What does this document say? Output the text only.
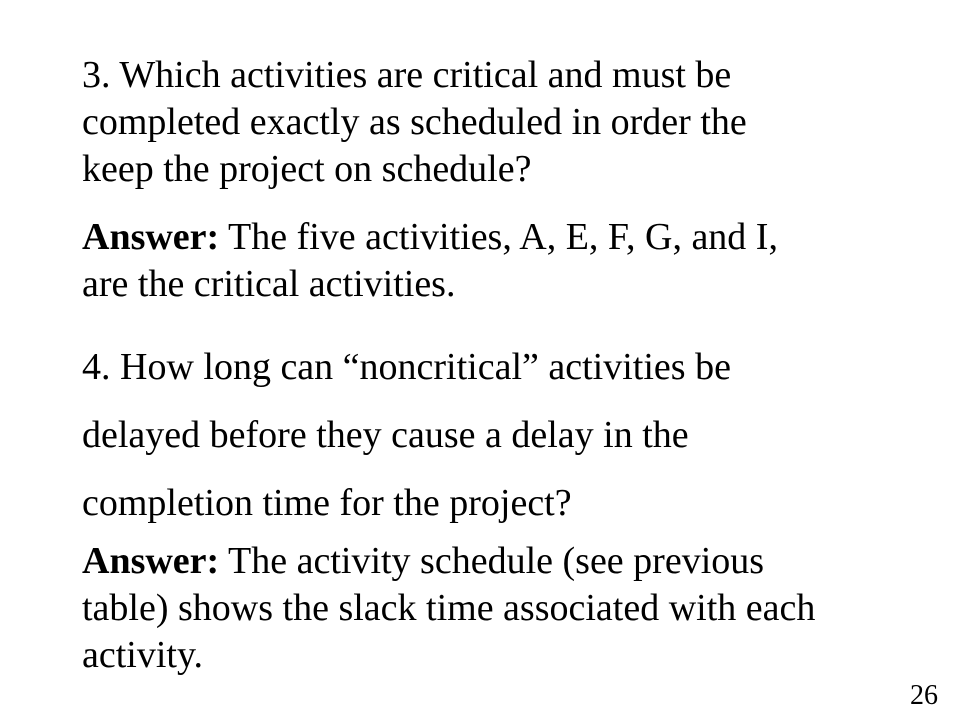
3. Which activities are critical and must be
completed exactly as scheduled in order the
keep the project on schedule?
Answer: The five activities, A, E, F, G, and I,
are the critical activities.
4. How long can “noncritical” activities be
delayed before they cause a delay in the
completion time for the project?
Answer: The activity schedule (see previous
table) shows the slack time associated with each
activity.
26
